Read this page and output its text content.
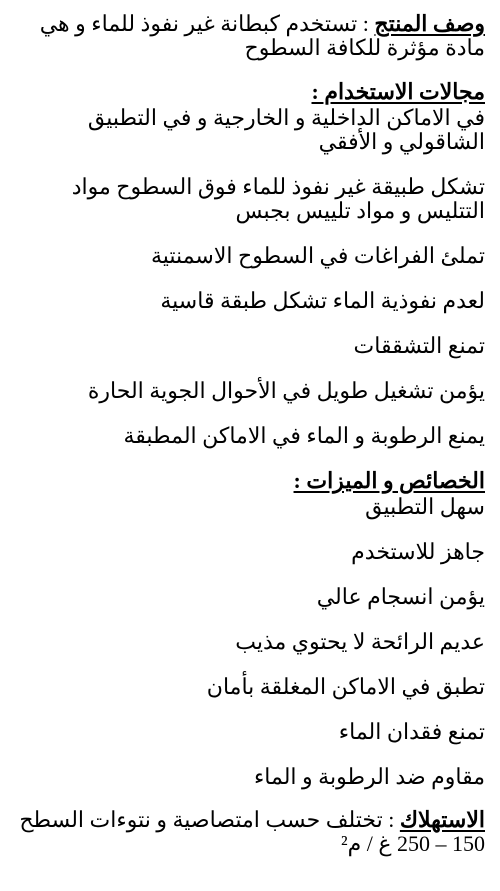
وصف المنتج : تستخدم كبطانة غير نفوذ للماء و هي مادة مؤثرة للكافة السطوح

مجالات الاستخدام :

في الاماكن الداخلية و الخارجية و في التطبيق الشاقولي و الأفقي

تشكل طبيقة غير نفوذ للماء فوق السطوح مواد التتليس و مواد تلييس بجبس

تملئ الفراغات في السطوح الاسمنتية

لعدم نفوذية الماء تشكل طبقة قاسية

تمنع التشققات

يؤمن تشغيل طويل في الأحوال الجوية الحارة

يمنع الرطوبة و الماء في الاماكن المطبقة

الخصائص و الميزات :

سهل التطبيق

جاهز للاستخدم

يؤمن انسجام عالي

عديم الرائحة لا يحتوي مذيب

تطبق في الاماكن المغلقة بأمان

تمنع فقدان الماء

مقاوم ضد الرطوبة و الماء

الاستهلاك : تختلف حسب امتصاصية و نتوءات السطح

150 – 250 غ / م²
